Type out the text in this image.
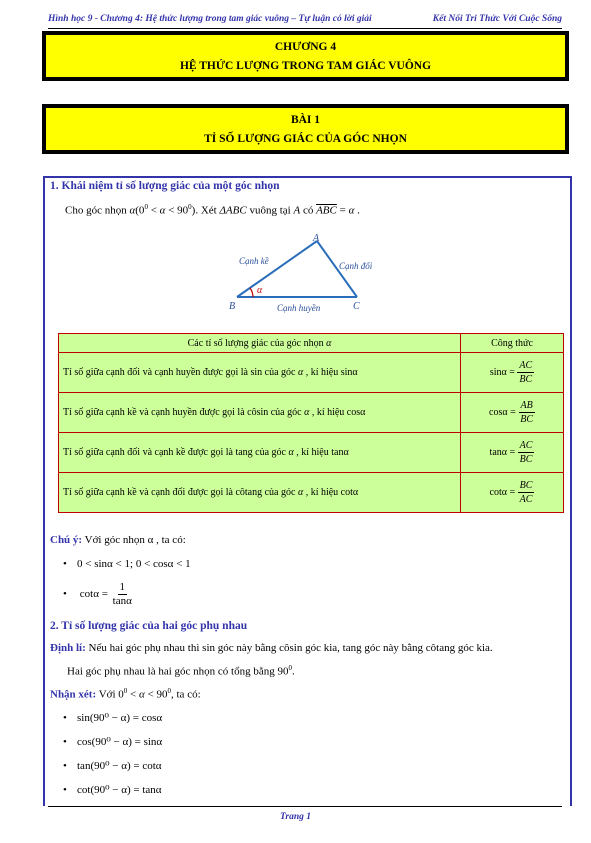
Hình học 9 - Chương 4: Hệ thức lượng trong tam giác vuông – Tự luận có lời giải	Kết Nối Tri Thức Với Cuộc Sống
CHƯƠNG 4
HỆ THỨC LƯỢNG TRONG TAM GIÁC VUÔNG
BÀI 1
TỈ SỐ LƯỢNG GIÁC CỦA GÓC NHỌN
1. Khái niệm tỉ số lượng giác của một góc nhọn
Cho góc nhọn $\alpha(0^0 < \alpha < 90^0)$. Xét ΔABC vuông tại A có $\overline{ABC} = \alpha$ .
A
B	C
α
Cạnh kề	Cạnh đối
Cạnh huyền
Các tỉ số lượng giác của góc nhọn α	Công thức
Tỉ số giữa cạnh đối và cạnh huyền được gọi là sin của góc α , kí hiệu sinα	$\sin\alpha = \frac{AC}{BC}$

Tỉ số giữa cạnh kề và cạnh huyền được gọi là côsin của góc α , kí hiệu cosα	$\cos\alpha = \frac{AB}{BC}$

Tỉ số giữa cạnh đối và cạnh kề được gọi là tang của góc α , kí hiệu tanα	$\tan\alpha = \frac{AC}{BC}$

Tỉ số giữa cạnh kề và cạnh đối được gọi là côtang của góc α , kí hiệu cotα	$\cot\alpha = \frac{BC}{AC}$
Chú ý: Với góc nhọn α , ta có:
• 0 < sinα < 1; 0 < cosα < 1
• $\cot\alpha = \frac{1}{\tan\alpha}$
2. Tỉ số lượng giác của hai góc phụ nhau
Định lí: Nếu hai góc phụ nhau thì sin góc này bằng côsin góc kia, tang góc này bằng côtang góc kia.
Hai góc phụ nhau là hai góc nhọn có tổng bằng $90^0$.
Nhận xét: Với $0^0 < \alpha < 90^0$, ta có:
• sin(90⁰ − α) = cosα
• cos(90⁰ − α) = sinα
• tan(90⁰ − α) = cotα
• cot(90⁰ − α) = tanα
Trang 1
